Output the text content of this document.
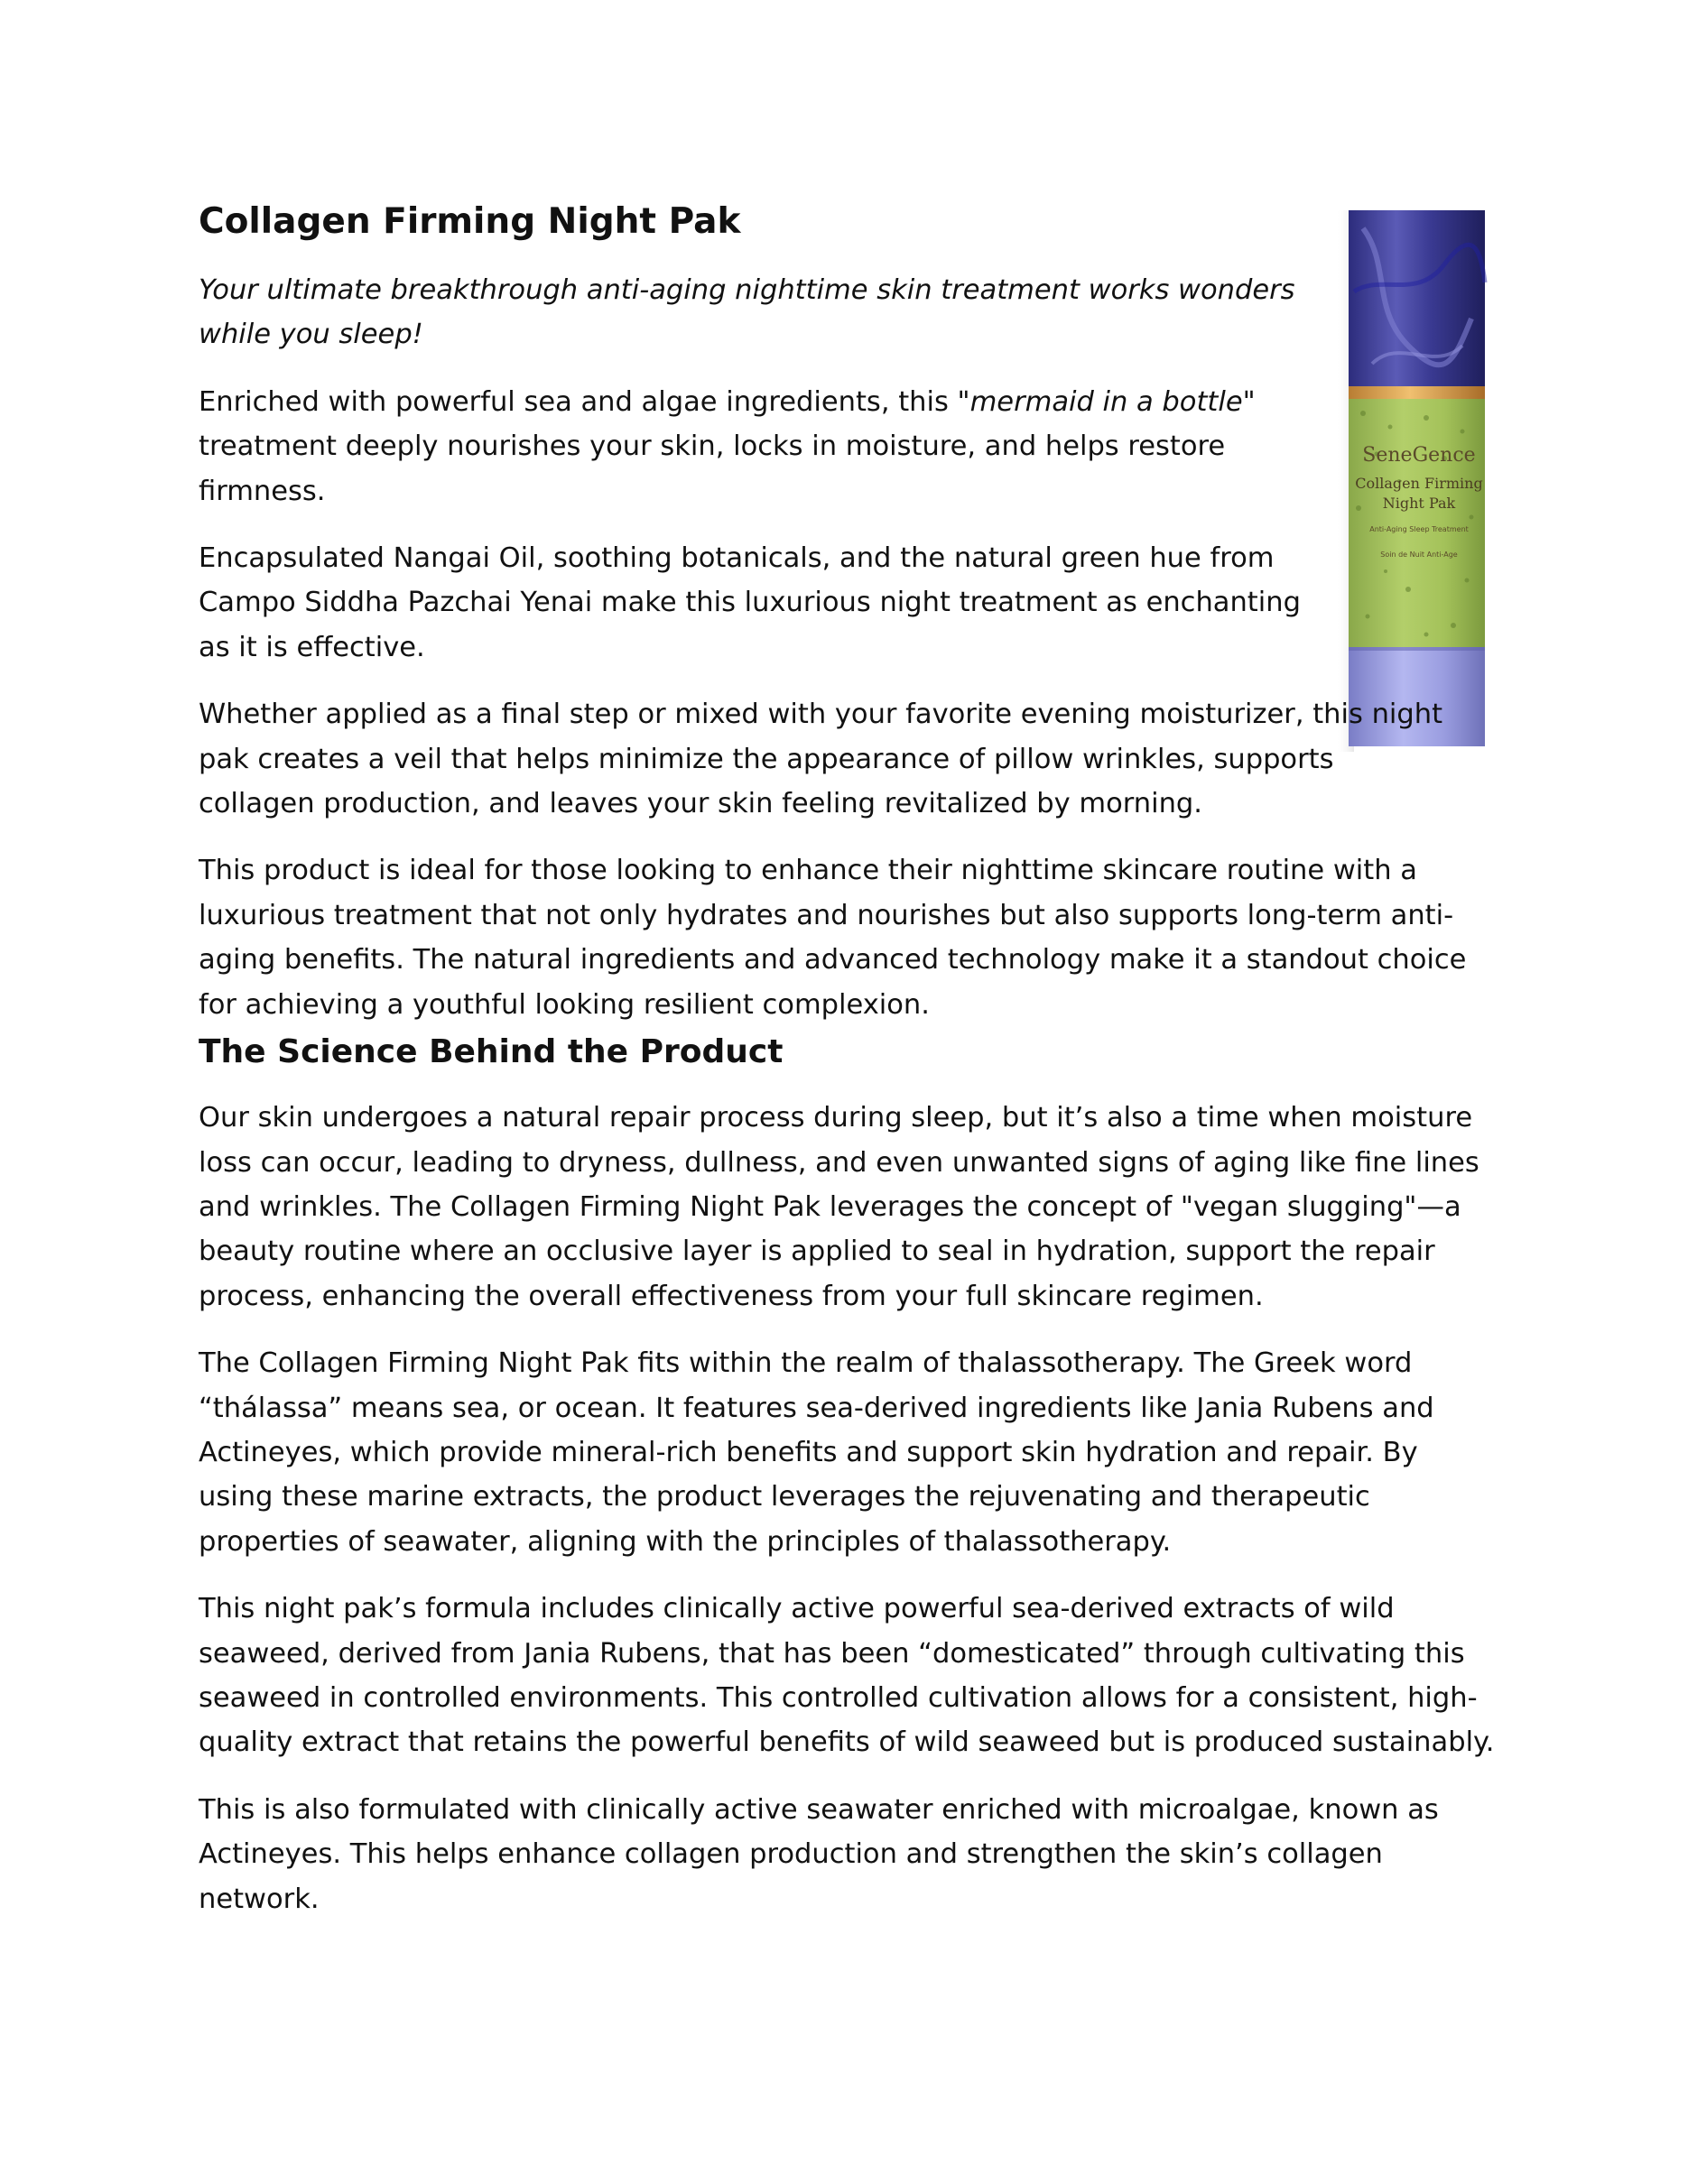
SeneGence
Collagen Firming
Night Pak
Anti-Aging Sleep Treatment
Soin de Nuit Anti-Age
Collagen Firming Night Pak

Your ultimate breakthrough anti-aging nighttime skin treatment works wonders while you sleep!

Enriched with powerful sea and algae ingredients, this "mermaid in a bottle" treatment deeply nourishes your skin, locks in moisture, and helps restore firmness.

Encapsulated Nangai Oil, soothing botanicals, and the natural green hue from Campo Siddha Pazchai Yenai make this luxurious night treatment as enchanting as it is effective.

Whether applied as a final step or mixed with your favorite evening moisturizer, this night pak creates a veil that helps minimize the appearance of pillow wrinkles, supports collagen production, and leaves your skin feeling revitalized by morning.

This product is ideal for those looking to enhance their nighttime skincare routine with a luxurious treatment that not only hydrates and nourishes but also supports long-term anti-aging benefits. The natural ingredients and advanced technology make it a standout choice for achieving a youthful looking resilient complexion.

The Science Behind the Product

Our skin undergoes a natural repair process during sleep, but it’s also a time when moisture loss can occur, leading to dryness, dullness, and even unwanted signs of aging like fine lines and wrinkles. The Collagen Firming Night Pak leverages the concept of "vegan slugging"—a beauty routine where an occlusive layer is applied to seal in hydration, support the repair process, enhancing the overall effectiveness from your full skincare regimen.

The Collagen Firming Night Pak fits within the realm of thalassotherapy. The Greek word “thálassa” means sea, or ocean. It features sea-derived ingredients like Jania Rubens and Actineyes, which provide mineral-rich benefits and support skin hydration and repair. By using these marine extracts, the product leverages the rejuvenating and therapeutic properties of seawater, aligning with the principles of thalassotherapy.

This night pak’s formula includes clinically active powerful sea-derived extracts of wild seaweed, derived from Jania Rubens, that has been “domesticated” through cultivating this seaweed in controlled environments. This controlled cultivation allows for a consistent, high-quality extract that retains the powerful benefits of wild seaweed but is produced sustainably.

This is also formulated with clinically active seawater enriched with microalgae, known as Actineyes. This helps enhance collagen production and strengthen the skin’s collagen network.
